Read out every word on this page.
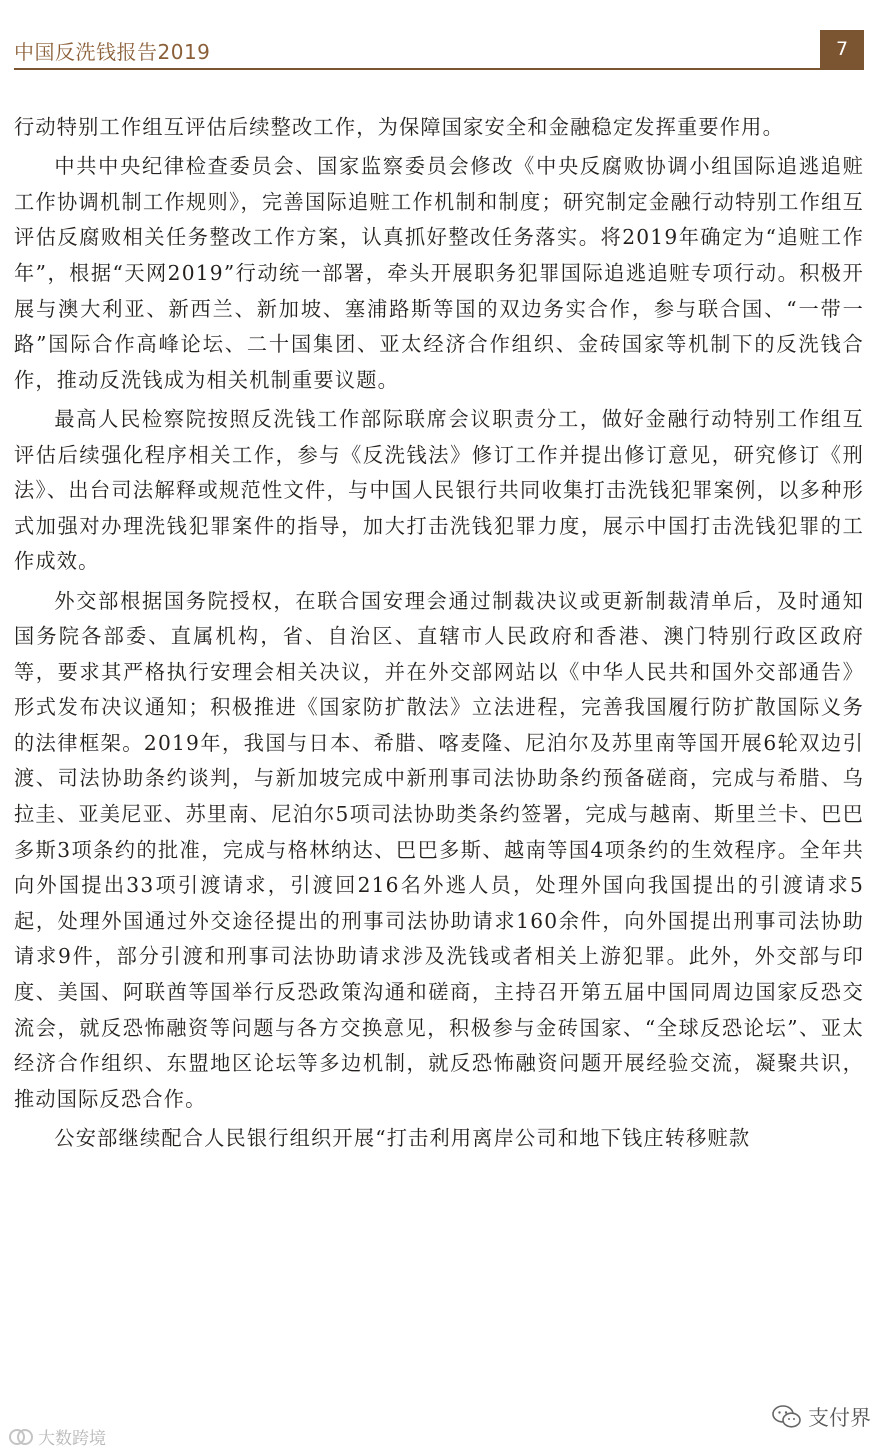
中国反洗钱报告2019	7

行动特别工作组互评估后续整改工作，为保障国家安全和金融稳定发挥重要作用。

中共中央纪律检查委员会、国家监察委员会修改《中央反腐败协调小组国际追逃追赃工作协调机制工作规则》，完善国际追赃工作机制和制度；研究制定金融行动特别工作组互评估反腐败相关任务整改工作方案，认真抓好整改任务落实。将2019年确定为“追赃工作年”，根据“天网2019”行动统一部署，牵头开展职务犯罪国际追逃追赃专项行动。积极开展与澳大利亚、新西兰、新加坡、塞浦路斯等国的双边务实合作，参与联合国、“一带一路”国际合作高峰论坛、二十国集团、亚太经济合作组织、金砖国家等机制下的反洗钱合作，推动反洗钱成为相关机制重要议题。

最高人民检察院按照反洗钱工作部际联席会议职责分工，做好金融行动特别工作组互评估后续强化程序相关工作，参与《反洗钱法》修订工作并提出修订意见，研究修订《刑法》、出台司法解释或规范性文件，与中国人民银行共同收集打击洗钱犯罪案例，以多种形式加强对办理洗钱犯罪案件的指导，加大打击洗钱犯罪力度，展示中国打击洗钱犯罪的工作成效。

外交部根据国务院授权，在联合国安理会通过制裁决议或更新制裁清单后，及时通知国务院各部委、直属机构，省、自治区、直辖市人民政府和香港、澳门特别行政区政府等，要求其严格执行安理会相关决议，并在外交部网站以《中华人民共和国外交部通告》形式发布决议通知；积极推进《国家防扩散法》立法进程，完善我国履行防扩散国际义务的法律框架。2019年，我国与日本、希腊、喀麦隆、尼泊尔及苏里南等国开展6轮双边引渡、司法协助条约谈判，与新加坡完成中新刑事司法协助条约预备磋商，完成与希腊、乌拉圭、亚美尼亚、苏里南、尼泊尔5项司法协助类条约签署，完成与越南、斯里兰卡、巴巴多斯3项条约的批准，完成与格林纳达、巴巴多斯、越南等国4项条约的生效程序。全年共向外国提出33项引渡请求，引渡回216名外逃人员，处理外国向我国提出的引渡请求5起，处理外国通过外交途径提出的刑事司法协助请求160余件，向外国提出刑事司法协助请求9件，部分引渡和刑事司法协助请求涉及洗钱或者相关上游犯罪。此外，外交部与印度、美国、阿联酋等国举行反恐政策沟通和磋商，主持召开第五届中国同周边国家反恐交流会，就反恐怖融资等问题与各方交换意见，积极参与金砖国家、“全球反恐论坛”、亚太经济合作组织、东盟地区论坛等多边机制，就反恐怖融资问题开展经验交流，凝聚共识，推动国际反恐合作。

公安部继续配合人民银行组织开展“打击利用离岸公司和地下钱庄转移赃款

大数跨境
支付界
